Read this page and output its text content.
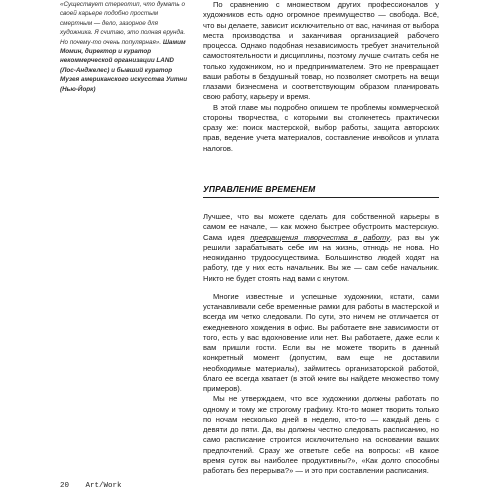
«Существует стереотип, что думать о своей карьере подобно простым смертным — дело, зазорное для художника. Я считаю, это полная ерунда. Но почему-то очень популярная». Шамим Момин, директор и куратор некоммерческой организации LAND (Лос-Анджелес) и бывший куратор Музея американского искусства Уитни (Нью-Йорк)

По сравнению с множеством других профессионалов у художников есть одно огромное преимущество — свобода. Всё, что вы делаете, зависит исключительно от вас, начиная от выбора места производства и заканчивая организацией рабочего процесса. Однако подобная независимость требует значительной самостоятельности и дисциплины, поэтому лучше считать себя не только художником, но и предпринимателем. Это не превращает ваши работы в бездушный товар, но позволяет смотреть на вещи глазами бизнесмена и соответствующим образом планировать свою работу, карьеру и время.

В этой главе мы подробно опишем те проблемы коммерческой стороны творчества, с которыми вы столкнетесь практически сразу же: поиск мастерской, выбор работы, защита авторских прав, ведение учета материалов, составление инвойсов и уплата налогов.

УПРАВЛЕНИЕ ВРЕМЕНЕМ

Лучшее, что вы можете сделать для собственной карьеры в самом ее начале, — как можно быстрее обустроить мастерскую. Сама идея превращения творчества в работу, раз вы уж решили зарабатывать себе им на жизнь, отнюдь не нова. Но неожиданно трудоосуществима. Большинство людей ходят на работу, где у них есть начальник. Вы же — сам себе начальник. Никто не будет стоять над вами с кнутом.

Многие известные и успешные художники, кстати, сами устанавливали себе временные рамки для работы в мастерской и всегда им четко следовали. По сути, это ничем не отличается от ежедневного хождения в офис. Вы работаете вне зависимости от того, есть у вас вдохновение или нет. Вы работаете, даже если к вам пришли гости. Если вы не можете творить в данный конкретный момент (допустим, вам еще не доставили необходимые материалы), займитесь организаторской работой, благо ее всегда хватает (в этой книге вы найдете множество тому примеров).

Мы не утверждаем, что все художники должны работать по одному и тому же строгому графику. Кто-то может творить только по ночам несколько дней в неделю, кто-то — каждый день с девяти до пяти. Да, вы должны честно следовать расписанию, но само расписание строится исключительно на основании ваших предпочтений. Сразу же ответьте себе на вопросы: «В какое время суток вы наиболее продуктивны?», «Как долго способны работать без перерыва?» — и это при составлении расписания.

20 Art/Work
